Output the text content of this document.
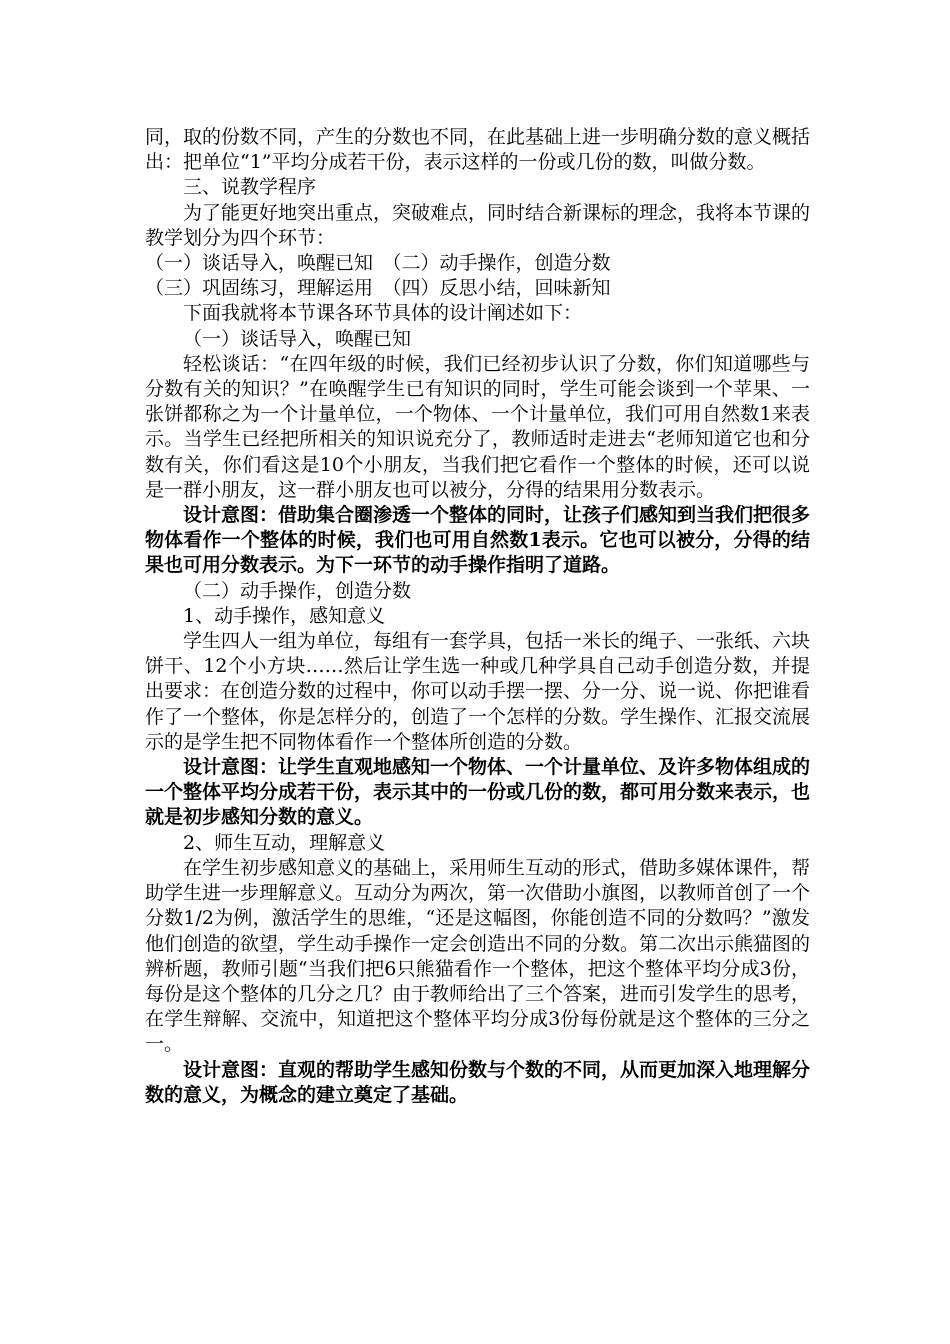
同，取的份数不同，产生的分数也不同，在此基础上进一步明确分数的意义概括出：把单位“1”平均分成若干份，表示这样的一份或几份的数，叫做分数。

三、说教学程序

为了能更好地突出重点，突破难点，同时结合新课标的理念，我将本节课的教学划分为四个环节：

（一）谈话导入，唤醒已知　（二）动手操作，创造分数

（三）巩固练习，理解运用　（四）反思小结，回味新知

下面我就将本节课各环节具体的设计阐述如下：

（一）谈话导入，唤醒已知

轻松谈话：“在四年级的时候，我们已经初步认识了分数，你们知道哪些与分数有关的知识？”在唤醒学生已有知识的同时，学生可能会谈到一个苹果、一张饼都称之为一个计量单位，一个物体、一个计量单位，我们可用自然数1来表示。当学生已经把所相关的知识说充分了，教师适时走进去“老师知道它也和分数有关，你们看这是10个小朋友，当我们把它看作一个整体的时候，还可以说是一群小朋友，这一群小朋友也可以被分，分得的结果用分数表示。

设计意图：借助集合圈渗透一个整体的同时，让孩子们感知到当我们把很多物体看作一个整体的时候，我们也可用自然数1表示。它也可以被分，分得的结果也可用分数表示。为下一环节的动手操作指明了道路。

（二）动手操作，创造分数

1、动手操作，感知意义

学生四人一组为单位，每组有一套学具，包括一米长的绳子、一张纸、六块饼干、12个小方块……然后让学生选一种或几种学具自己动手创造分数，并提出要求：在创造分数的过程中，你可以动手摆一摆、分一分、说一说、你把谁看作了一个整体，你是怎样分的，创造了一个怎样的分数。学生操作、汇报交流展示的是学生把不同物体看作一个整体所创造的分数。

设计意图：让学生直观地感知一个物体、一个计量单位、及许多物体组成的一个整体平均分成若干份，表示其中的一份或几份的数，都可用分数来表示，也就是初步感知分数的意义。

2、师生互动，理解意义

在学生初步感知意义的基础上，采用师生互动的形式，借助多媒体课件，帮助学生进一步理解意义。互动分为两次，第一次借助小旗图，以教师首创了一个分数1/2为例，激活学生的思维，“还是这幅图，你能创造不同的分数吗？”激发他们创造的欲望，学生动手操作一定会创造出不同的分数。第二次出示熊猫图的辨析题，教师引题“当我们把6只熊猫看作一个整体，把这个整体平均分成3份，每份是这个整体的几分之几？由于教师给出了三个答案，进而引发学生的思考，在学生辩解、交流中，知道把这个整体平均分成3份每份就是这个整体的三分之一。

设计意图：直观的帮助学生感知份数与个数的不同，从而更加深入地理解分数的意义，为概念的建立奠定了基础。
